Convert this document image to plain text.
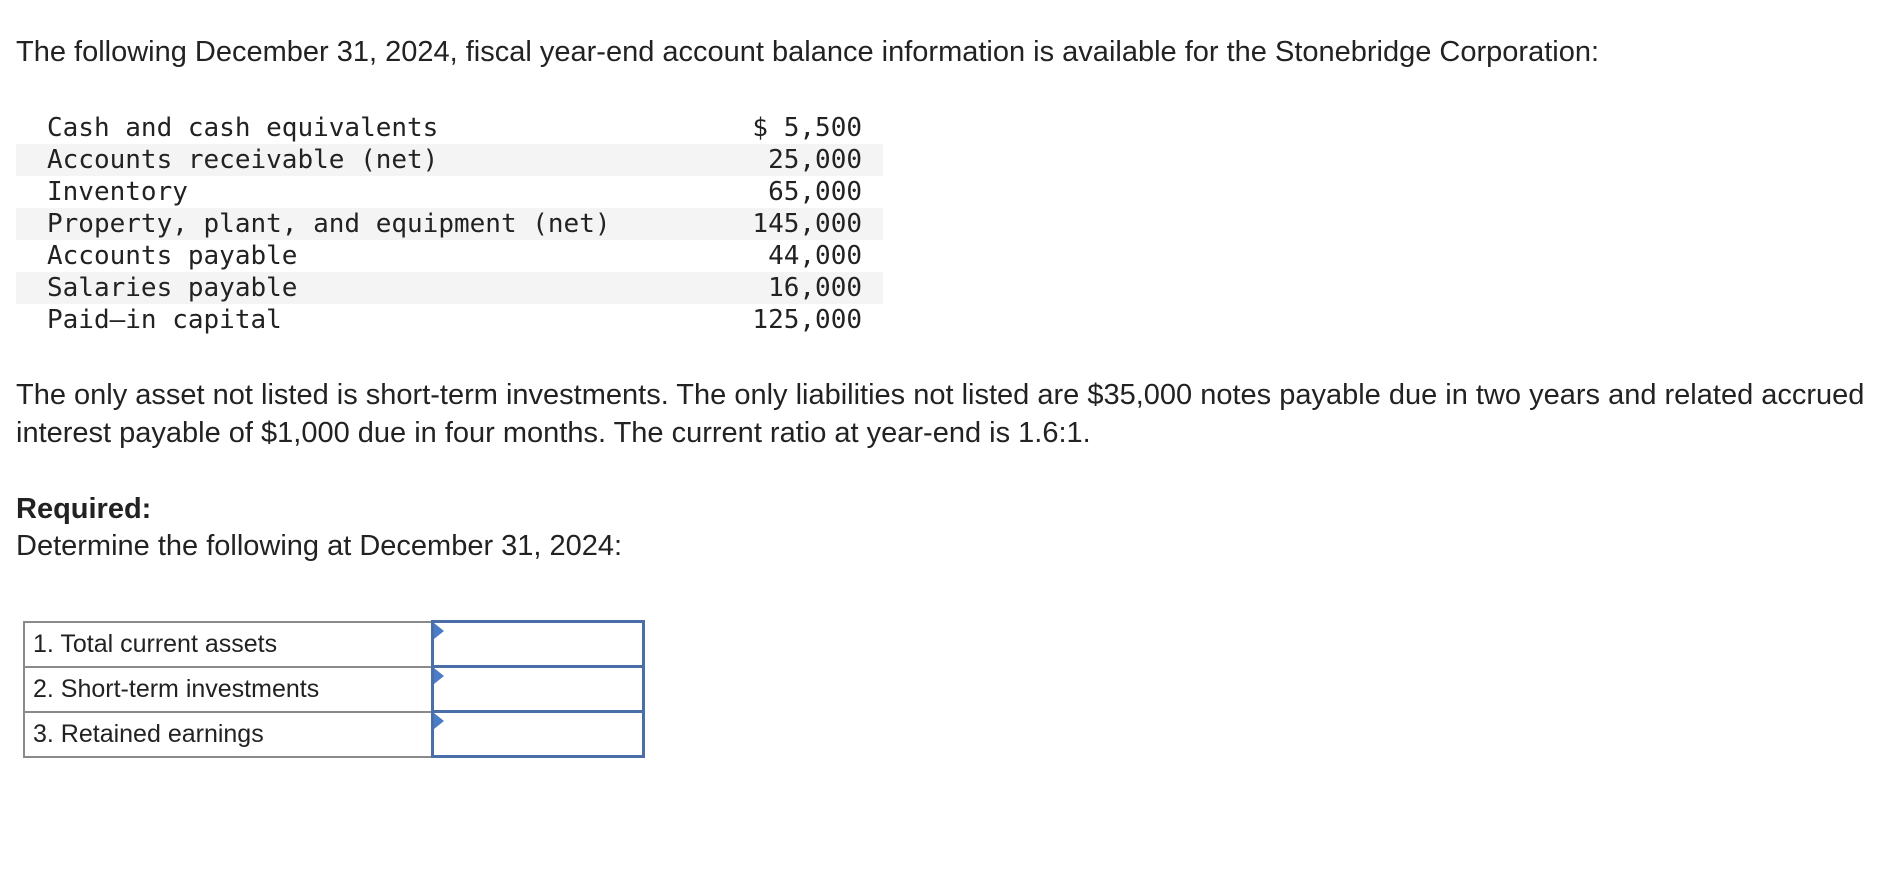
The following December 31, 2024, fiscal year-end account balance information is available for the Stonebridge Corporation:

Cash and cash equivalents	$ 5,500
Accounts receivable (net)	25,000
Inventory	65,000
Property, plant, and equipment (net)	145,000
Accounts payable	44,000
Salaries payable	16,000
Paid–in capital	125,000

The only asset not listed is short-term investments. The only liabilities not listed are $35,000 notes payable due in two years and related accrued interest payable of $1,000 due in four months. The current ratio at year-end is 1.6:1.

Required:

Determine the following at December 31, 2024:

1. Total current assets	

2. Short-term investments	

3. Retained earnings	
